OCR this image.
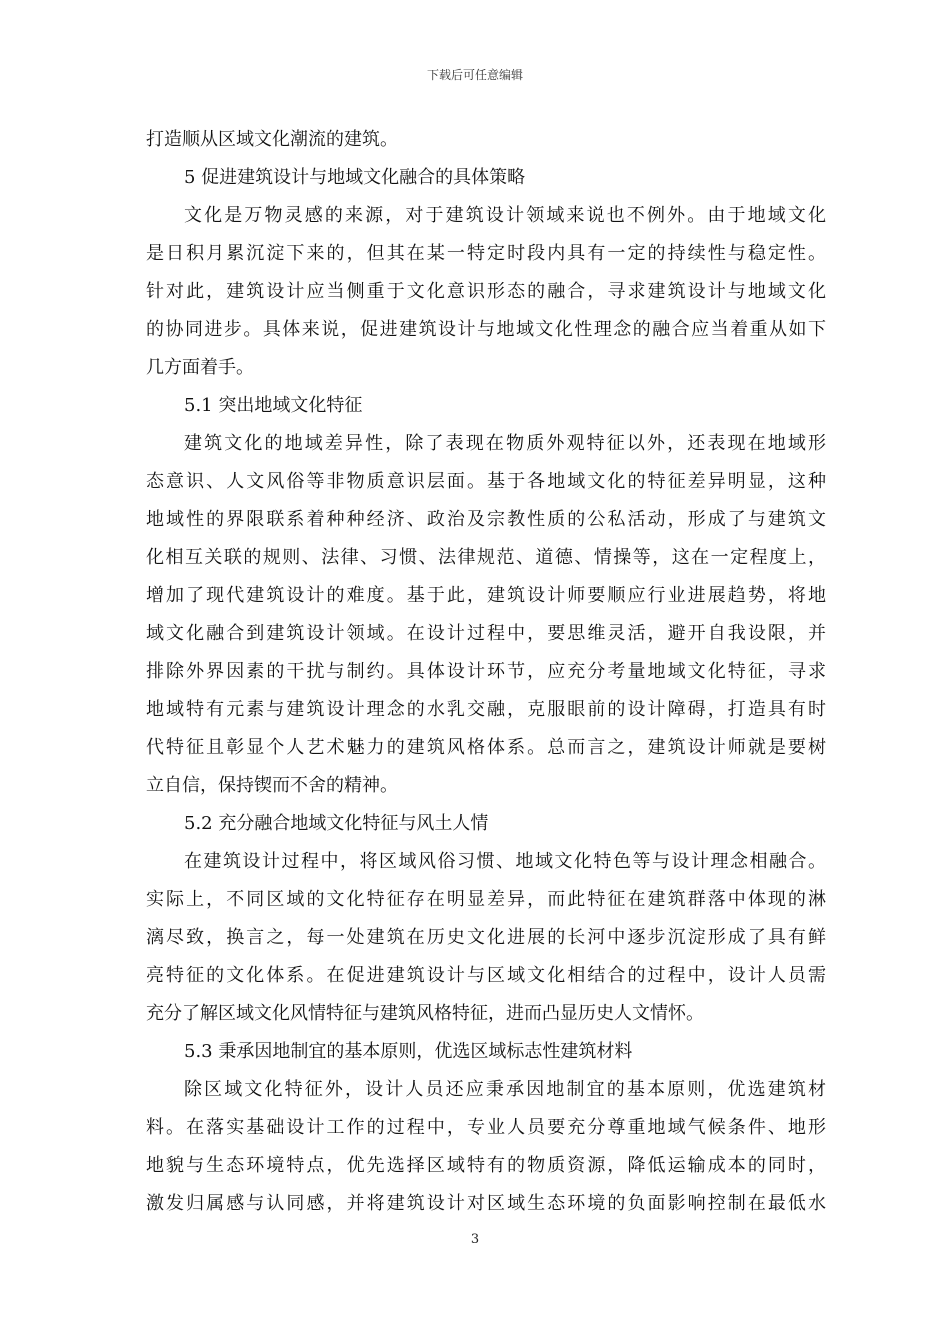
下载后可任意编辑
打造顺从区域文化潮流的建筑。
5 促进建筑设计与地域文化融合的具体策略
文化是万物灵感的来源，对于建筑设计领域来说也不例外。由于地域文化
是日积月累沉淀下来的，但其在某一特定时段内具有一定的持续性与稳定性。
针对此，建筑设计应当侧重于文化意识形态的融合，寻求建筑设计与地域文化
的协同进步。具体来说，促进建筑设计与地域文化性理念的融合应当着重从如下
几方面着手。
5.1 突出地域文化特征
建筑文化的地域差异性，除了表现在物质外观特征以外，还表现在地域形
态意识、人文风俗等非物质意识层面。基于各地域文化的特征差异明显，这种
地域性的界限联系着种种经济、政治及宗教性质的公私活动，形成了与建筑文
化相互关联的规则、法律、习惯、法律规范、道德、情操等，这在一定程度上，
增加了现代建筑设计的难度。基于此，建筑设计师要顺应行业进展趋势，将地
域文化融合到建筑设计领域。在设计过程中，要思维灵活，避开自我设限，并
排除外界因素的干扰与制约。具体设计环节，应充分考量地域文化特征，寻求
地域特有元素与建筑设计理念的水乳交融，克服眼前的设计障碍，打造具有时
代特征且彰显个人艺术魅力的建筑风格体系。总而言之，建筑设计师就是要树
立自信，保持锲而不舍的精神。
5.2 充分融合地域文化特征与风土人情
在建筑设计过程中，将区域风俗习惯、地域文化特色等与设计理念相融合。
实际上，不同区域的文化特征存在明显差异，而此特征在建筑群落中体现的淋
漓尽致，换言之，每一处建筑在历史文化进展的长河中逐步沉淀形成了具有鲜
亮特征的文化体系。在促进建筑设计与区域文化相结合的过程中，设计人员需
充分了解区域文化风情特征与建筑风格特征，进而凸显历史人文情怀。
5.3 秉承因地制宜的基本原则，优选区域标志性建筑材料
除区域文化特征外，设计人员还应秉承因地制宜的基本原则，优选建筑材
料。在落实基础设计工作的过程中，专业人员要充分尊重地域气候条件、地形
地貌与生态环境特点，优先选择区域特有的物质资源，降低运输成本的同时，
激发归属感与认同感，并将建筑设计对区域生态环境的负面影响控制在最低水
3
